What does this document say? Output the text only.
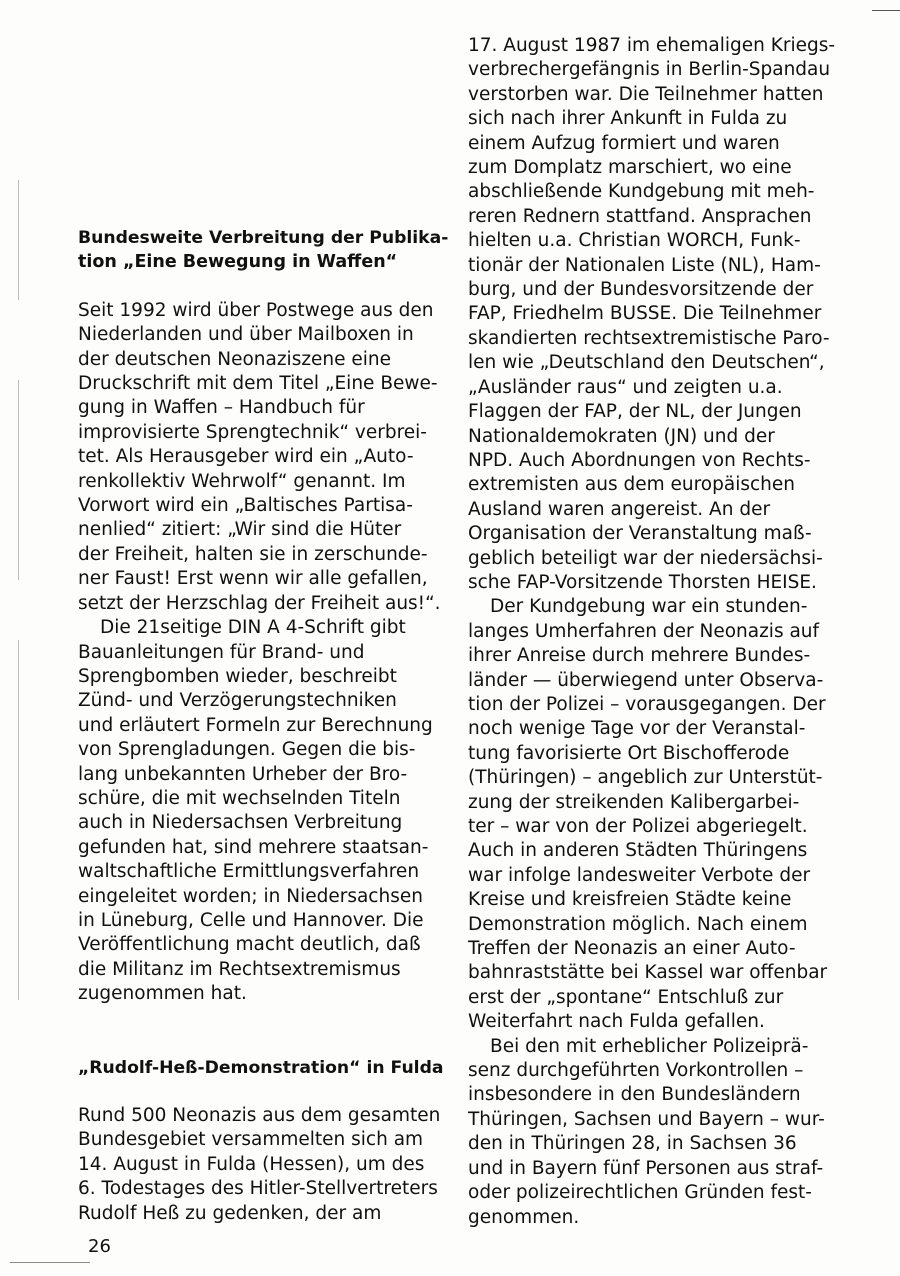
Bundesweite Verbreitung der Publika-
tion „Eine Bewegung in Waffen“

Seit 1992 wird über Postwege aus den
Niederlanden und über Mailboxen in
der deutschen Neonaziszene eine
Druckschrift mit dem Titel „Eine Bewe-
gung in Waffen – Handbuch für
improvisierte Sprengtechnik“ verbrei-
tet. Als Herausgeber wird ein „Auto-
renkollektiv Wehrwolf“ genannt. Im
Vorwort wird ein „Baltisches Partisa-
nenlied“ zitiert: „Wir sind die Hüter
der Freiheit, halten sie in zerschunde-
ner Faust! Erst wenn wir alle gefallen,
setzt der Herzschlag der Freiheit aus!“.

Die 21seitige DIN A 4-Schrift gibt
Bauanleitungen für Brand- und
Sprengbomben wieder, beschreibt
Zünd- und Verzögerungstechniken
und erläutert Formeln zur Berechnung
von Sprengladungen. Gegen die bis-
lang unbekannten Urheber der Bro-
schüre, die mit wechselnden Titeln
auch in Niedersachsen Verbreitung
gefunden hat, sind mehrere staatsan-
waltschaftliche Ermittlungsverfahren
eingeleitet worden; in Niedersachsen
in Lüneburg, Celle und Hannover. Die
Veröffentlichung macht deutlich, daß
die Militanz im Rechtsextremismus
zugenommen hat.

„Rudolf-Heß-Demonstration“ in Fulda

Rund 500 Neonazis aus dem gesamten
Bundesgebiet versammelten sich am
14. August in Fulda (Hessen), um des
6. Todestages des Hitler-Stellvertreters
Rudolf Heß zu gedenken, der am

17. August 1987 im ehemaligen Kriegs-
verbrechergefängnis in Berlin-Spandau
verstorben war. Die Teilnehmer hatten
sich nach ihrer Ankunft in Fulda zu
einem Aufzug formiert und waren
zum Domplatz marschiert, wo eine
abschließende Kundgebung mit meh-
reren Rednern stattfand. Ansprachen
hielten u.a. Christian WORCH, Funk-
tionär der Nationalen Liste (NL), Ham-
burg, und der Bundesvorsitzende der
FAP, Friedhelm BUSSE. Die Teilnehmer
skandierten rechtsextremistische Paro-
len wie „Deutschland den Deutschen“,
„Ausländer raus“ und zeigten u.a.
Flaggen der FAP, der NL, der Jungen
Nationaldemokraten (JN) und der
NPD. Auch Abordnungen von Rechts-
extremisten aus dem europäischen
Ausland waren angereist. An der
Organisation der Veranstaltung maß-
geblich beteiligt war der niedersächsi-
sche FAP-Vorsitzende Thorsten HEISE.

Der Kundgebung war ein stunden-
langes Umherfahren der Neonazis auf
ihrer Anreise durch mehrere Bundes-
länder — überwiegend unter Observa-
tion der Polizei – vorausgegangen. Der
noch wenige Tage vor der Veranstal-
tung favorisierte Ort Bischofferode
(Thüringen) – angeblich zur Unterstüt-
zung der streikenden Kalibergarbei-
ter – war von der Polizei abgeriegelt.
Auch in anderen Städten Thüringens
war infolge landesweiter Verbote der
Kreise und kreisfreien Städte keine
Demonstration möglich. Nach einem
Treffen der Neonazis an einer Auto-
bahnraststätte bei Kassel war offenbar
erst der „spontane“ Entschluß zur
Weiterfahrt nach Fulda gefallen.

Bei den mit erheblicher Polizeiprä-
senz durchgeführten Vorkontrollen –
insbesondere in den Bundesländern
Thüringen, Sachsen und Bayern – wur-
den in Thüringen 28, in Sachsen 36
und in Bayern fünf Personen aus straf-
oder polizeirechtlichen Gründen fest-
genommen.

26
